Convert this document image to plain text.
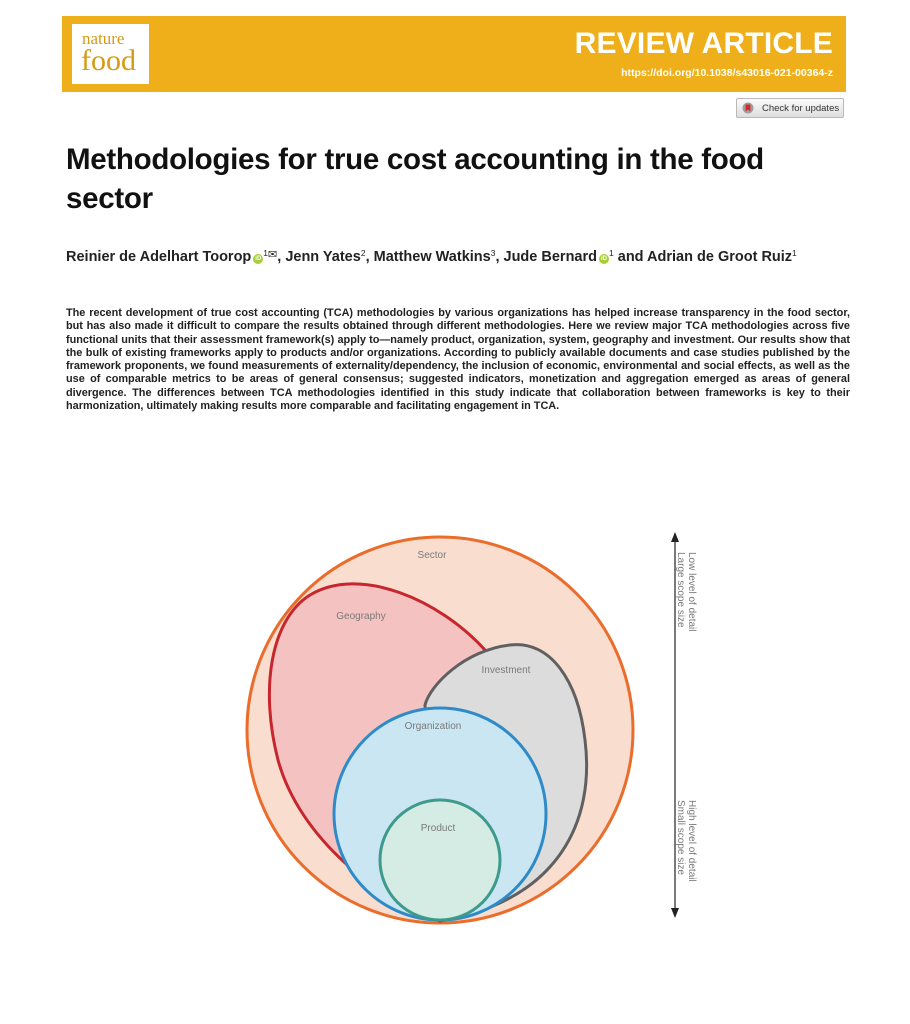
nature
food
REVIEW ARTICLE
https://doi.org/10.1038/s43016-021-00364-z
Check for updates
Methodologies for true cost accounting in the food sector
Reinier de Adelhart Toorop $iD^{1✉}$, Jenn Yates$^2$, Matthew Watkins$^3$, Jude Bernard $iD^1$ and Adrian de Groot Ruiz$^1$

The recent development of true cost accounting (TCA) methodologies by various organizations has helped increase transparency in the food sector, but has also made it difficult to compare the results obtained through different methodologies. Here we review major TCA methodologies across five functional units that their assessment framework(s) apply to—namely product, organization, system, geography and investment. Our results show that the bulk of existing frameworks apply to products and/or organizations. According to publicly available documents and case studies published by the framework proponents, we found measurements of externality/dependency, the inclusion of economic, environmental and social effects, as well as the use of comparable metrics to be areas of general consensus; suggested indicators, monetization and aggregation emerged as areas of general divergence. The differences between TCA methodologies identified in this study indicate that collaboration between frameworks is key to their harmonization, ultimately making results more comparable and facilitating engagement in TCA.

Sector
Geography
Investment
Organization
Product
Low level of detail
Large scope size
High level of detail
Small scope size
